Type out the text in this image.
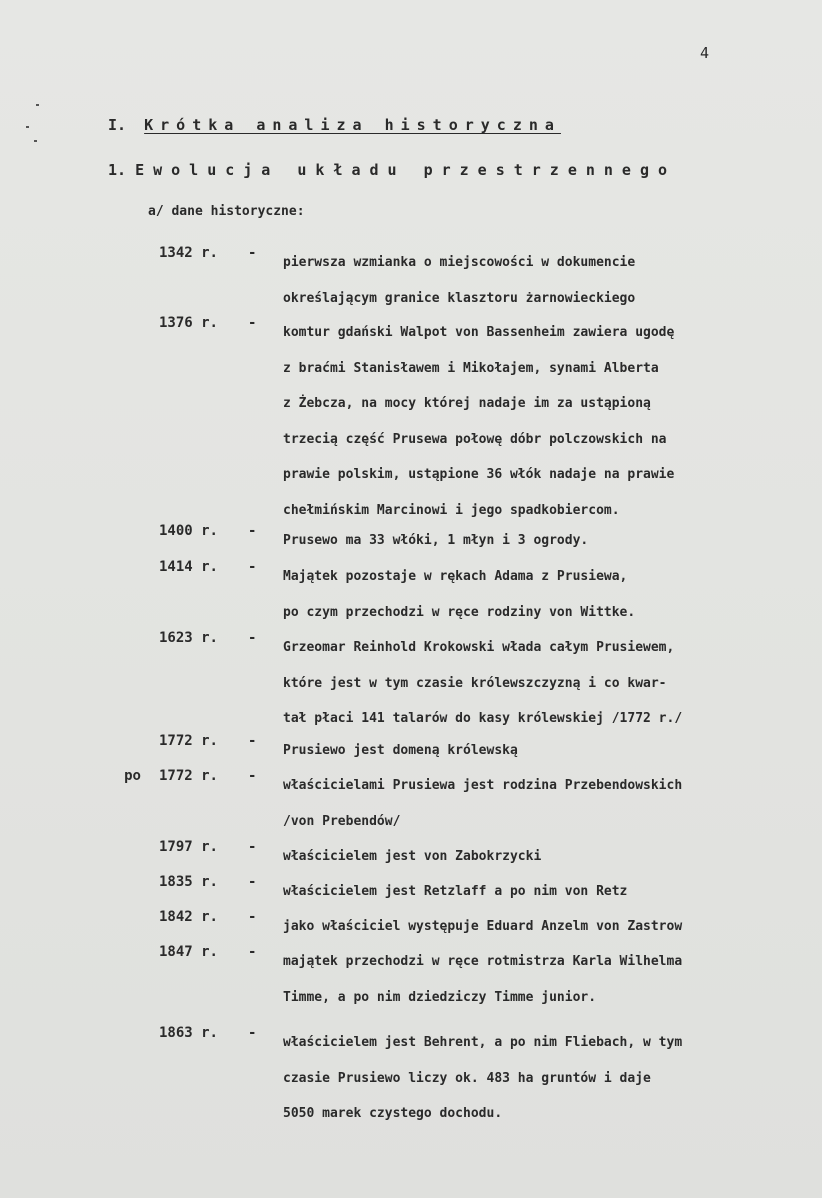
4
I. Krótka analiza historyczna
1. Ewolucja układu przestrzennego
a/ dane historyczne:
1342 r. -
pierwsza wzmianka o miejscowości w dokumencie
określającym granice klasztoru żarnowieckiego
1376 r. -
komtur gdański Walpot von Bassenheim zawiera ugodę
z braćmi Stanisławem i Mikołajem, synami Alberta
z Żebcza, na mocy której nadaje im za ustąpioną
trzecią część Prusewa połowę dóbr polczowskich na
prawie polskim, ustąpione 36 włók nadaje na prawie
chełmińskim Marcinowi i jego spadkobiercom.
1400 r. -
Prusewo ma 33 włóki, 1 młyn i 3 ogrody.
1414 r. -
Majątek pozostaje w rękach Adama z Prusiewa,
po czym przechodzi w ręce rodziny von Wittke.
1623 r. -
Grzeomar Reinhold Krokowski włada całym Prusiewem,
które jest w tym czasie królewszczyzną i co kwar-
tał płaci 141 talarów do kasy królewskiej /1772 r./
1772 r. -
Prusiewo jest domeną królewską
po 1772 r. -
właścicielami Prusiewa jest rodzina Przebendowskich
/von Prebendów/
1797 r. -
właścicielem jest von Zabokrzycki
1835 r. -
właścicielem jest Retzlaff a po nim von Retz
1842 r. -
jako właściciel występuje Eduard Anzelm von Zastrow
1847 r. -
majątek przechodzi w ręce rotmistrza Karla Wilhelma
Timme, a po nim dziedziczy Timme junior.
1863 r. -
właścicielem jest Behrent, a po nim Fliebach, w tym
czasie Prusiewo liczy ok. 483 ha gruntów i daje
5050 marek czystego dochodu.
